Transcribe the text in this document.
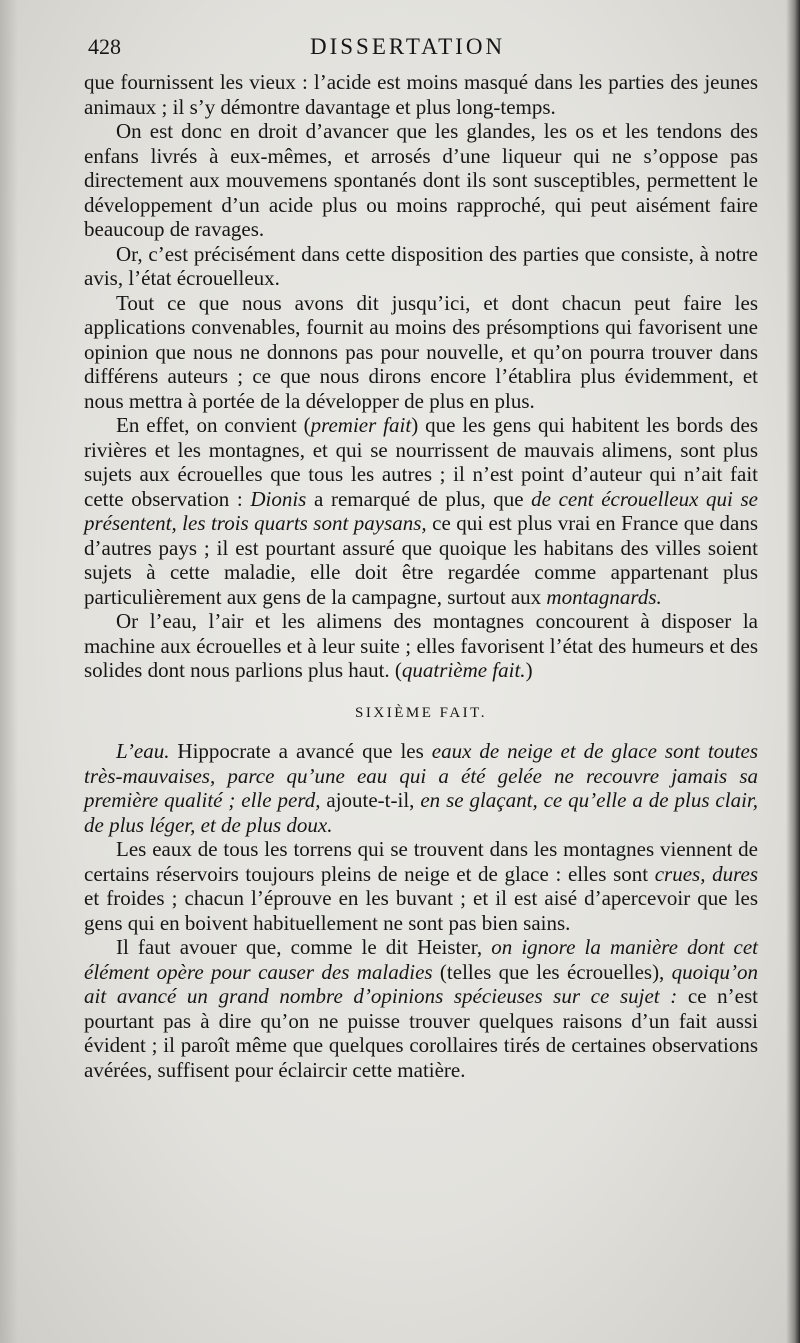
428	DISSERTATION

que fournissent les vieux : l’acide est moins masqué dans les parties des jeunes animaux ; il s’y démontre davantage et plus long-temps.

On est donc en droit d’avancer que les glandes, les os et les tendons des enfans livrés à eux-mêmes, et arrosés d’une liqueur qui ne s’oppose pas directement aux mouvemens spontanés dont ils sont susceptibles, permettent le développement d’un acide plus ou moins rapproché, qui peut aisément faire beaucoup de ravages.

Or, c’est précisément dans cette disposition des parties que consiste, à notre avis, l’état écrouelleux.

Tout ce que nous avons dit jusqu’ici, et dont chacun peut faire les applications convenables, fournit au moins des présomptions qui favorisent une opinion que nous ne donnons pas pour nouvelle, et qu’on pourra trouver dans différens auteurs ; ce que nous dirons encore l’établira plus évidemment, et nous mettra à portée de la développer de plus en plus.

En effet, on convient (premier fait) que les gens qui habitent les bords des rivières et les montagnes, et qui se nourrissent de mauvais alimens, sont plus sujets aux écrouelles que tous les autres ; il n’est point d’auteur qui n’ait fait cette observation : Dionis a remarqué de plus, que de cent écrouelleux qui se présentent, les trois quarts sont paysans, ce qui est plus vrai en France que dans d’autres pays ; il est pourtant assuré que quoique les habitans des villes soient sujets à cette maladie, elle doit être regardée comme appartenant plus particulièrement aux gens de la campagne, surtout aux montagnards.

Or l’eau, l’air et les alimens des montagnes concourent à disposer la machine aux écrouelles et à leur suite ; elles favorisent l’état des humeurs et des solides dont nous parlions plus haut. (quatrième fait.)

SIXIÈME FAIT.

L’eau. Hippocrate a avancé que les eaux de neige et de glace sont toutes très-mauvaises, parce qu’une eau qui a été gelée ne recouvre jamais sa première qualité ; elle perd, ajoute-t-il, en se glaçant, ce qu’elle a de plus clair, de plus léger, et de plus doux.

Les eaux de tous les torrens qui se trouvent dans les montagnes viennent de certains réservoirs toujours pleins de neige et de glace : elles sont crues, dures et froides ; chacun l’éprouve en les buvant ; et il est aisé d’apercevoir que les gens qui en boivent habituellement ne sont pas bien sains.

Il faut avouer que, comme le dit Heister, on ignore la manière dont cet élément opère pour causer des maladies (telles que les écrouelles), quoiqu’on ait avancé un grand nombre d’opinions spécieuses sur ce sujet : ce n’est pourtant pas à dire qu’on ne puisse trouver quelques raisons d’un fait aussi évident ; il paroît même que quelques corollaires tirés de certaines observations avérées, suffisent pour éclaircir cette matière.
